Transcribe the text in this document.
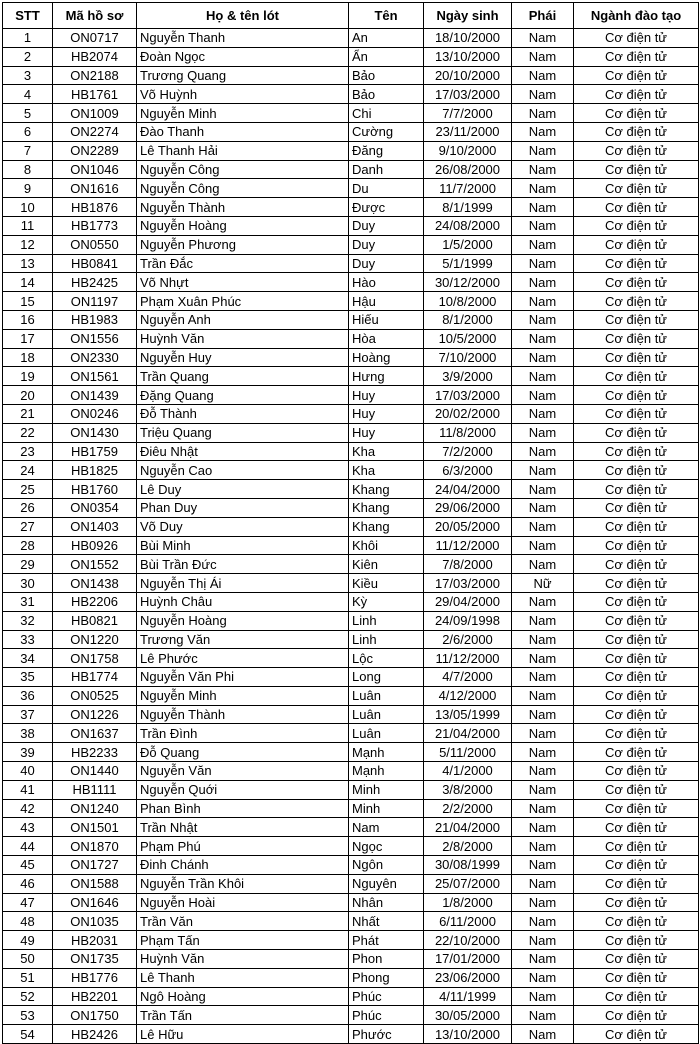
STT	Mã hồ sơ	Họ & tên lót	Tên	Ngày sinh	Phái	Ngành đào tạo
1	ON0717	Nguyễn Thanh	An	18/10/2000	Nam	Cơ điện tử
2	HB2074	Đoàn Ngọc	Ẩn	13/10/2000	Nam	Cơ điện tử
3	ON2188	Trương Quang	Bảo	20/10/2000	Nam	Cơ điện tử
4	HB1761	Võ Huỳnh	Bảo	17/03/2000	Nam	Cơ điện tử
5	ON1009	Nguyễn Minh	Chi	7/7/2000	Nam	Cơ điện tử
6	ON2274	Đào Thanh	Cường	23/11/2000	Nam	Cơ điện tử
7	ON2289	Lê Thanh Hải	Đăng	9/10/2000	Nam	Cơ điện tử
8	ON1046	Nguyễn Công	Danh	26/08/2000	Nam	Cơ điện tử
9	ON1616	Nguyễn Công	Du	11/7/2000	Nam	Cơ điện tử
10	HB1876	Nguyễn Thành	Được	8/1/1999	Nam	Cơ điện tử
11	HB1773	Nguyễn Hoàng	Duy	24/08/2000	Nam	Cơ điện tử
12	ON0550	Nguyễn Phương	Duy	1/5/2000	Nam	Cơ điện tử
13	HB0841	Trần Đắc	Duy	5/1/1999	Nam	Cơ điện tử
14	HB2425	Võ Nhựt	Hào	30/12/2000	Nam	Cơ điện tử
15	ON1197	Phạm Xuân Phúc	Hậu	10/8/2000	Nam	Cơ điện tử
16	HB1983	Nguyễn Anh	Hiếu	8/1/2000	Nam	Cơ điện tử
17	ON1556	Huỳnh Văn	Hòa	10/5/2000	Nam	Cơ điện tử
18	ON2330	Nguyễn Huy	Hoàng	7/10/2000	Nam	Cơ điện tử
19	ON1561	Trần Quang	Hưng	3/9/2000	Nam	Cơ điện tử
20	ON1439	Đặng Quang	Huy	17/03/2000	Nam	Cơ điện tử
21	ON0246	Đỗ Thành	Huy	20/02/2000	Nam	Cơ điện tử
22	ON1430	Triệu Quang	Huy	11/8/2000	Nam	Cơ điện tử
23	HB1759	Điêu Nhật	Kha	7/2/2000	Nam	Cơ điện tử
24	HB1825	Nguyễn Cao	Kha	6/3/2000	Nam	Cơ điện tử
25	HB1760	Lê Duy	Khang	24/04/2000	Nam	Cơ điện tử
26	ON0354	Phan Duy	Khang	29/06/2000	Nam	Cơ điện tử
27	ON1403	Võ Duy	Khang	20/05/2000	Nam	Cơ điện tử
28	HB0926	Bùi Minh	Khôi	11/12/2000	Nam	Cơ điện tử
29	ON1552	Bùi Trần Đức	Kiên	7/8/2000	Nam	Cơ điện tử
30	ON1438	Nguyễn Thị Ái	Kiều	17/03/2000	Nữ	Cơ điện tử
31	HB2206	Huỳnh Châu	Kỳ	29/04/2000	Nam	Cơ điện tử
32	HB0821	Nguyễn Hoàng	Linh	24/09/1998	Nam	Cơ điện tử
33	ON1220	Trương Văn	Linh	2/6/2000	Nam	Cơ điện tử
34	ON1758	Lê Phước	Lộc	11/12/2000	Nam	Cơ điện tử
35	HB1774	Nguyễn Văn Phi	Long	4/7/2000	Nam	Cơ điện tử
36	ON0525	Nguyễn Minh	Luân	4/12/2000	Nam	Cơ điện tử
37	ON1226	Nguyễn Thành	Luân	13/05/1999	Nam	Cơ điện tử
38	ON1637	Trần Đình	Luân	21/04/2000	Nam	Cơ điện tử
39	HB2233	Đỗ Quang	Mạnh	5/11/2000	Nam	Cơ điện tử
40	ON1440	Nguyễn Văn	Mạnh	4/1/2000	Nam	Cơ điện tử
41	HB1111	Nguyễn Quới	Minh	3/8/2000	Nam	Cơ điện tử
42	ON1240	Phan Bình	Minh	2/2/2000	Nam	Cơ điện tử
43	ON1501	Trần Nhật	Nam	21/04/2000	Nam	Cơ điện tử
44	ON1870	Phạm Phú	Ngọc	2/8/2000	Nam	Cơ điện tử
45	ON1727	Đinh Chánh	Ngôn	30/08/1999	Nam	Cơ điện tử
46	ON1588	Nguyễn Trần Khôi	Nguyên	25/07/2000	Nam	Cơ điện tử
47	ON1646	Nguyễn Hoài	Nhân	1/8/2000	Nam	Cơ điện tử
48	ON1035	Trần Văn	Nhất	6/11/2000	Nam	Cơ điện tử
49	HB2031	Phạm Tấn	Phát	22/10/2000	Nam	Cơ điện tử
50	ON1735	Huỳnh Văn	Phon	17/01/2000	Nam	Cơ điện tử
51	HB1776	Lê Thanh	Phong	23/06/2000	Nam	Cơ điện tử
52	HB2201	Ngô Hoàng	Phúc	4/11/1999	Nam	Cơ điện tử
53	ON1750	Trần Tấn	Phúc	30/05/2000	Nam	Cơ điện tử
54	HB2426	Lê Hữu	Phước	13/10/2000	Nam	Cơ điện tử
